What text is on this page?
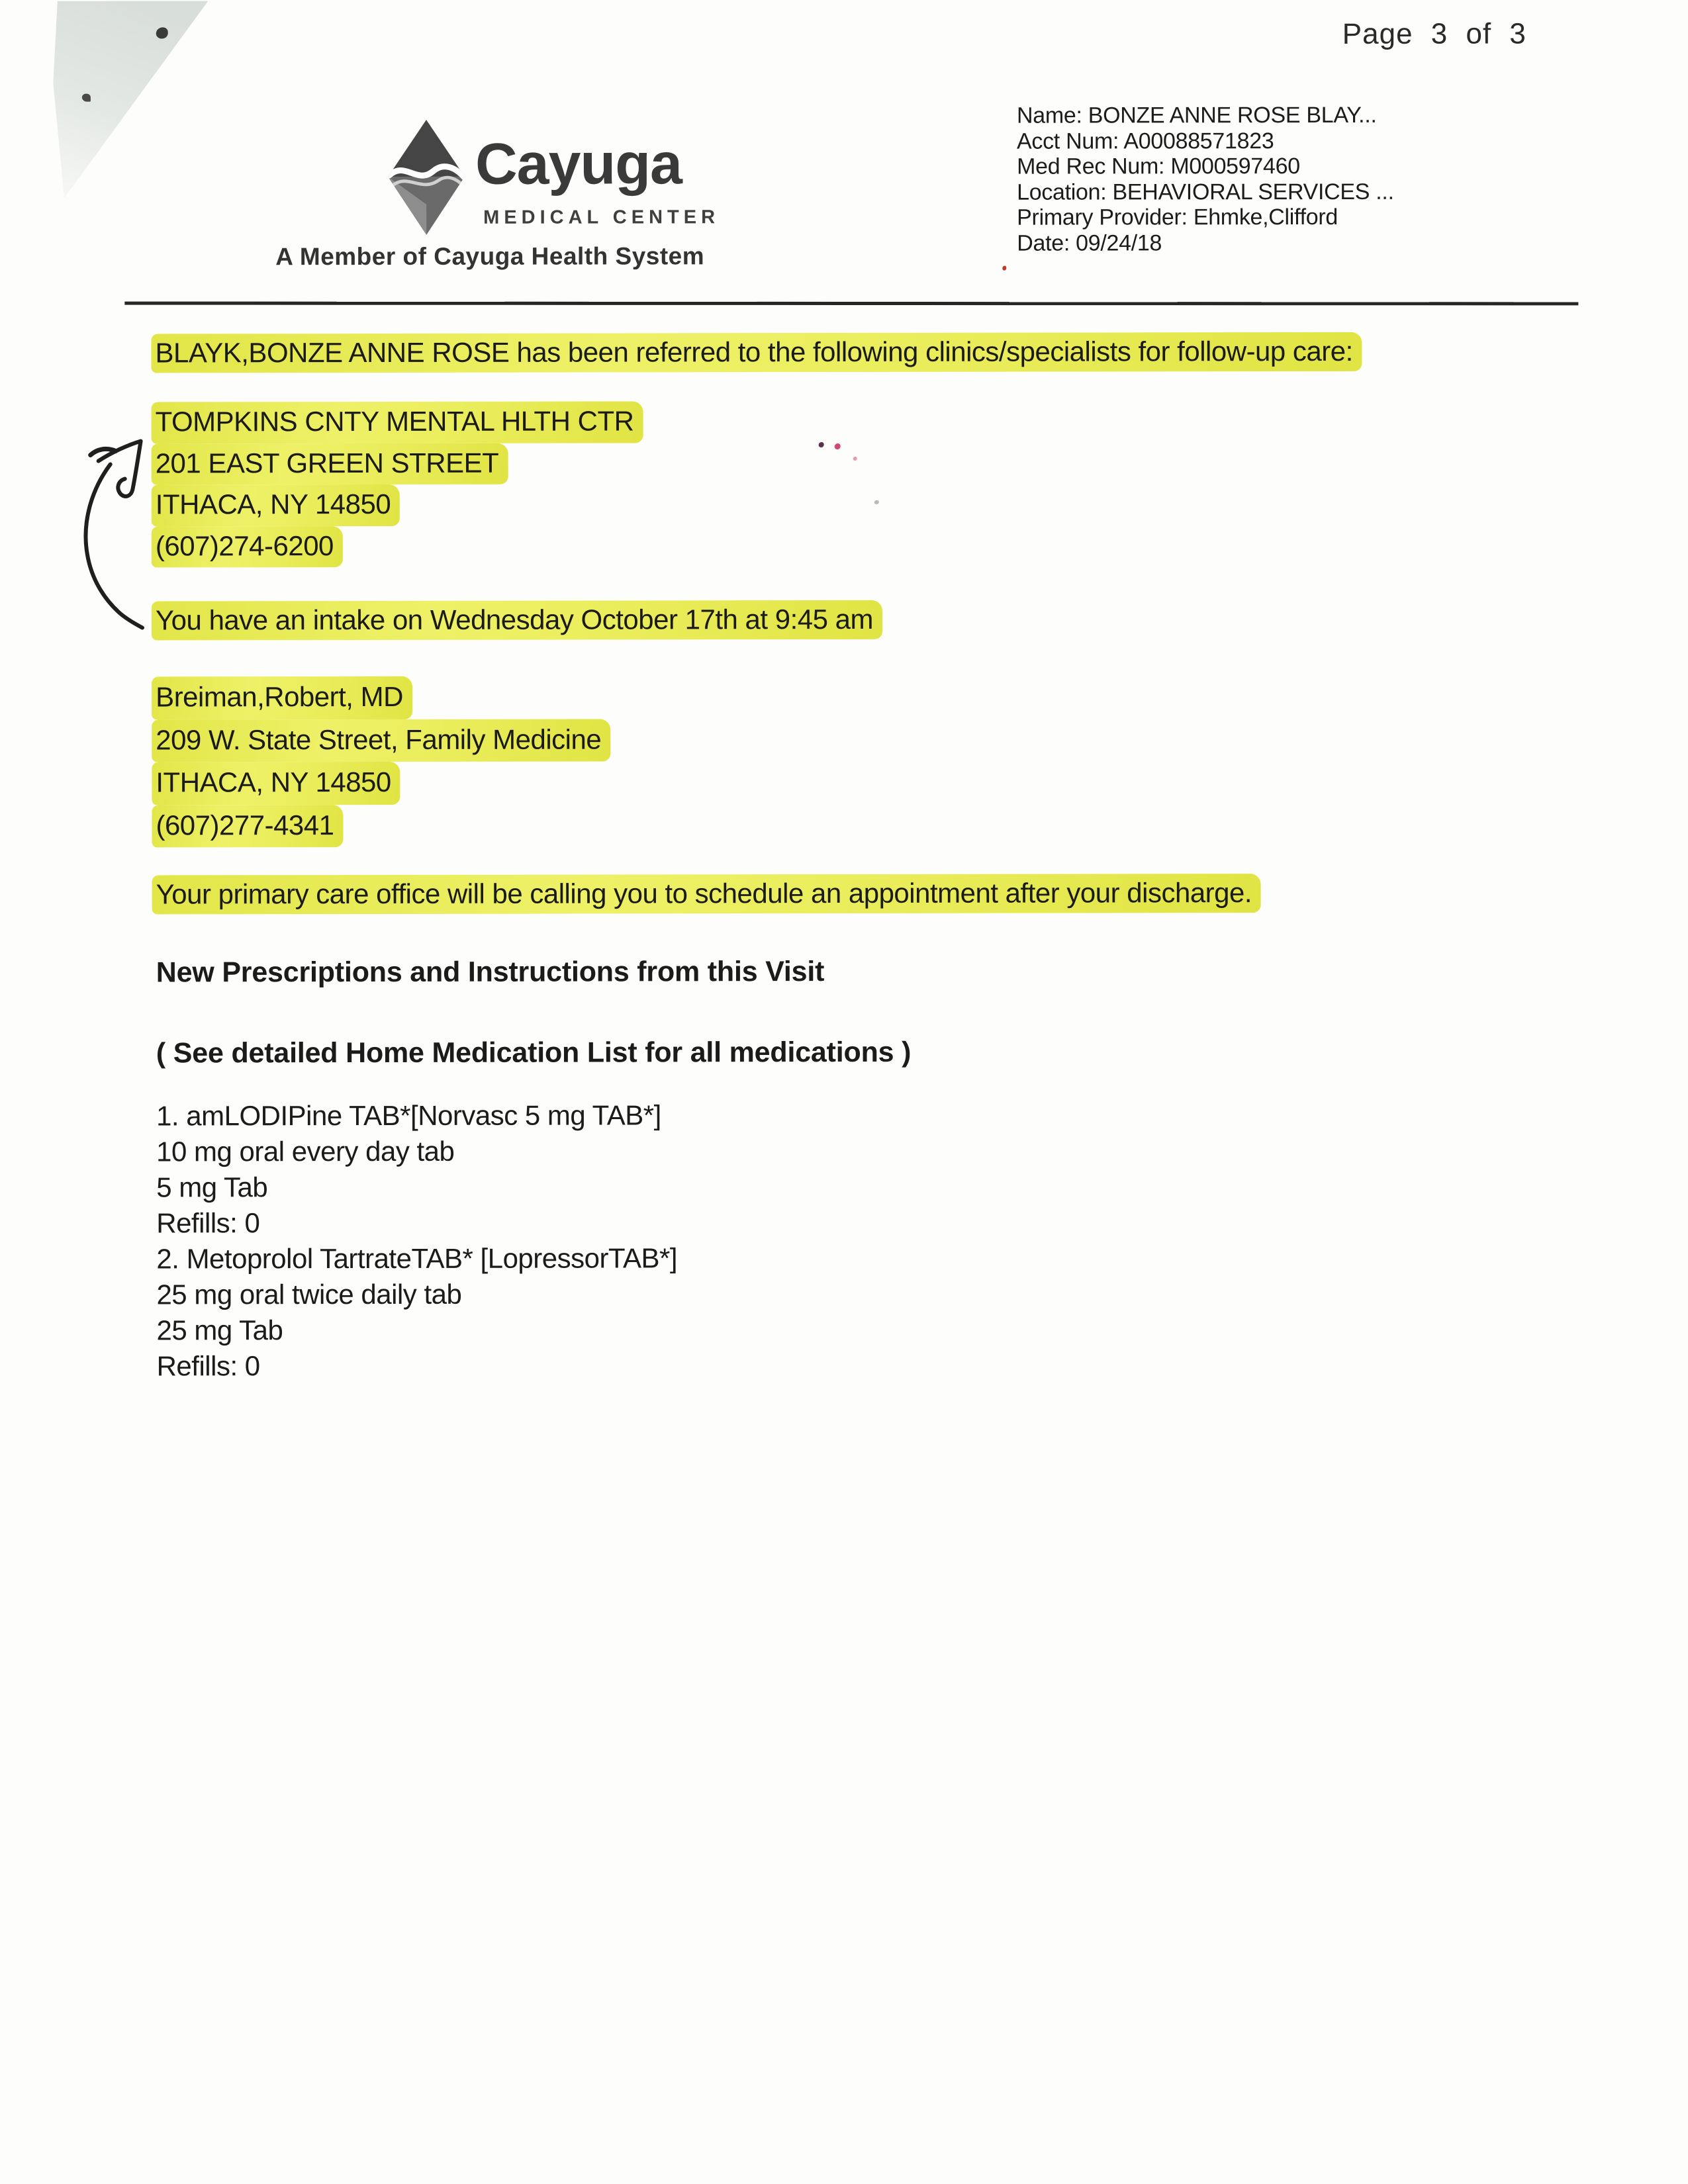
Page 3 of 3
Cayuga
MEDICAL CENTER
A Member of Cayuga Health System
Name: BONZE ANNE ROSE BLAY...
Acct Num: A00088571823
Med Rec Num: M000597460
Location: BEHAVIORAL SERVICES ...
Primary Provider: Ehmke,Clifford
Date: 09/24/18
BLAYK,BONZE ANNE ROSE has been referred to the following clinics/specialists for follow-up care:

TOMPKINS CNTY MENTAL HLTH CTR

201 EAST GREEN STREET

ITHACA, NY 14850

(607)274-6200

You have an intake on Wednesday October 17th at 9:45 am

Breiman,Robert, MD

209 W. State Street, Family Medicine

ITHACA, NY 14850

(607)277-4341

Your primary care office will be calling you to schedule an appointment after your discharge.
New Prescriptions and Instructions from this Visit
( See detailed Home Medication List for all medications )
1. amLODIPine TAB*[Norvasc 5 mg TAB*]
10 mg oral every day tab
5 mg Tab
Refills: 0
2. Metoprolol TartrateTAB* [LopressorTAB*]
25 mg oral twice daily tab
25 mg Tab
Refills: 0
